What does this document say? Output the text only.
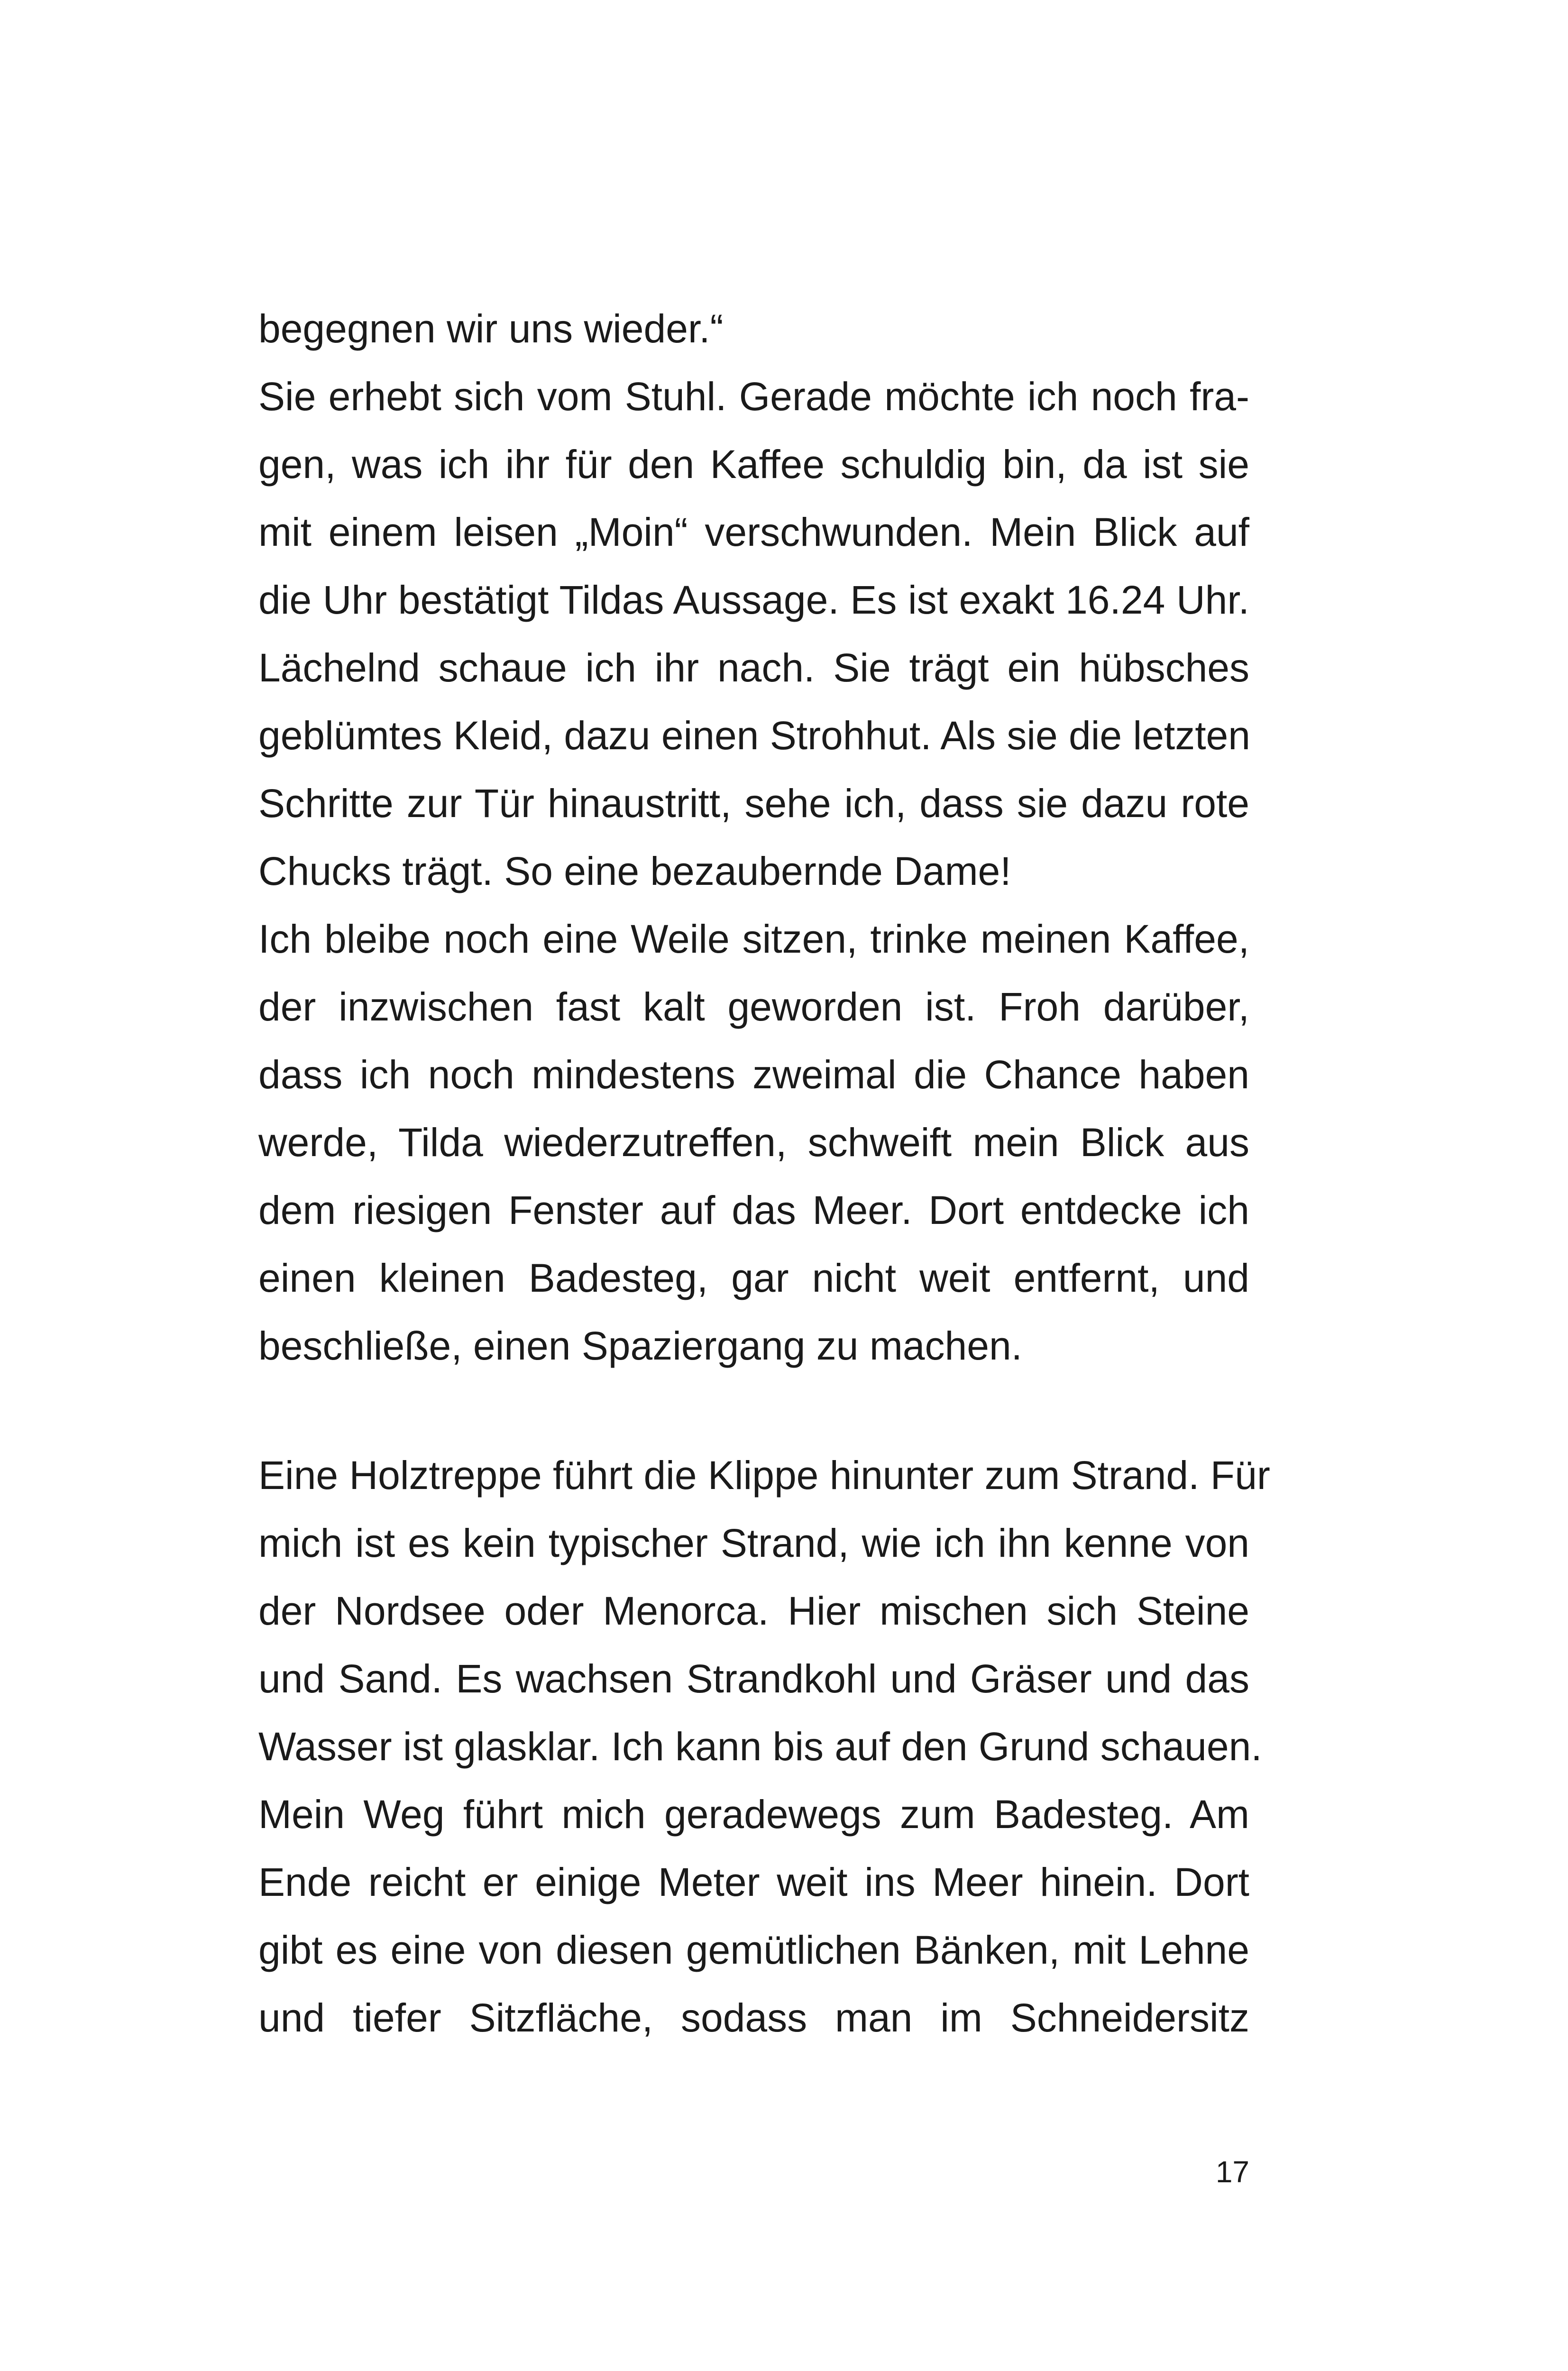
begegnen wir uns wieder.“
Sie erhebt sich vom Stuhl. Gerade möchte ich noch fra-
gen, was ich ihr für den Kaffee schuldig bin, da ist sie
mit einem leisen „Moin“ verschwunden. Mein Blick auf
die Uhr bestätigt Tildas Aussage. Es ist exakt 16.24 Uhr.
Lächelnd schaue ich ihr nach. Sie trägt ein hübsches
geblümtes Kleid, dazu einen Strohhut. Als sie die letzten
Schritte zur Tür hinaustritt, sehe ich, dass sie dazu rote
Chucks trägt. So eine bezaubernde Dame!
Ich bleibe noch eine Weile sitzen, trinke meinen Kaffee,
der inzwischen fast kalt geworden ist. Froh darüber,
dass ich noch mindestens zweimal die Chance haben
werde, Tilda wiederzutreffen, schweift mein Blick aus
dem riesigen Fenster auf das Meer. Dort entdecke ich
einen kleinen Badesteg, gar nicht weit entfernt, und
beschließe, einen Spaziergang zu machen.
Eine Holztreppe führt die Klippe hinunter zum Strand. Für
mich ist es kein typischer Strand, wie ich ihn kenne von
der Nordsee oder Menorca. Hier mischen sich Steine
und Sand. Es wachsen Strandkohl und Gräser und das
Wasser ist glasklar. Ich kann bis auf den Grund schauen.
Mein Weg führt mich geradewegs zum Badesteg. Am
Ende reicht er einige Meter weit ins Meer hinein. Dort
gibt es eine von diesen gemütlichen Bänken, mit Lehne
und tiefer Sitzfläche, sodass man im Schneidersitz
17
